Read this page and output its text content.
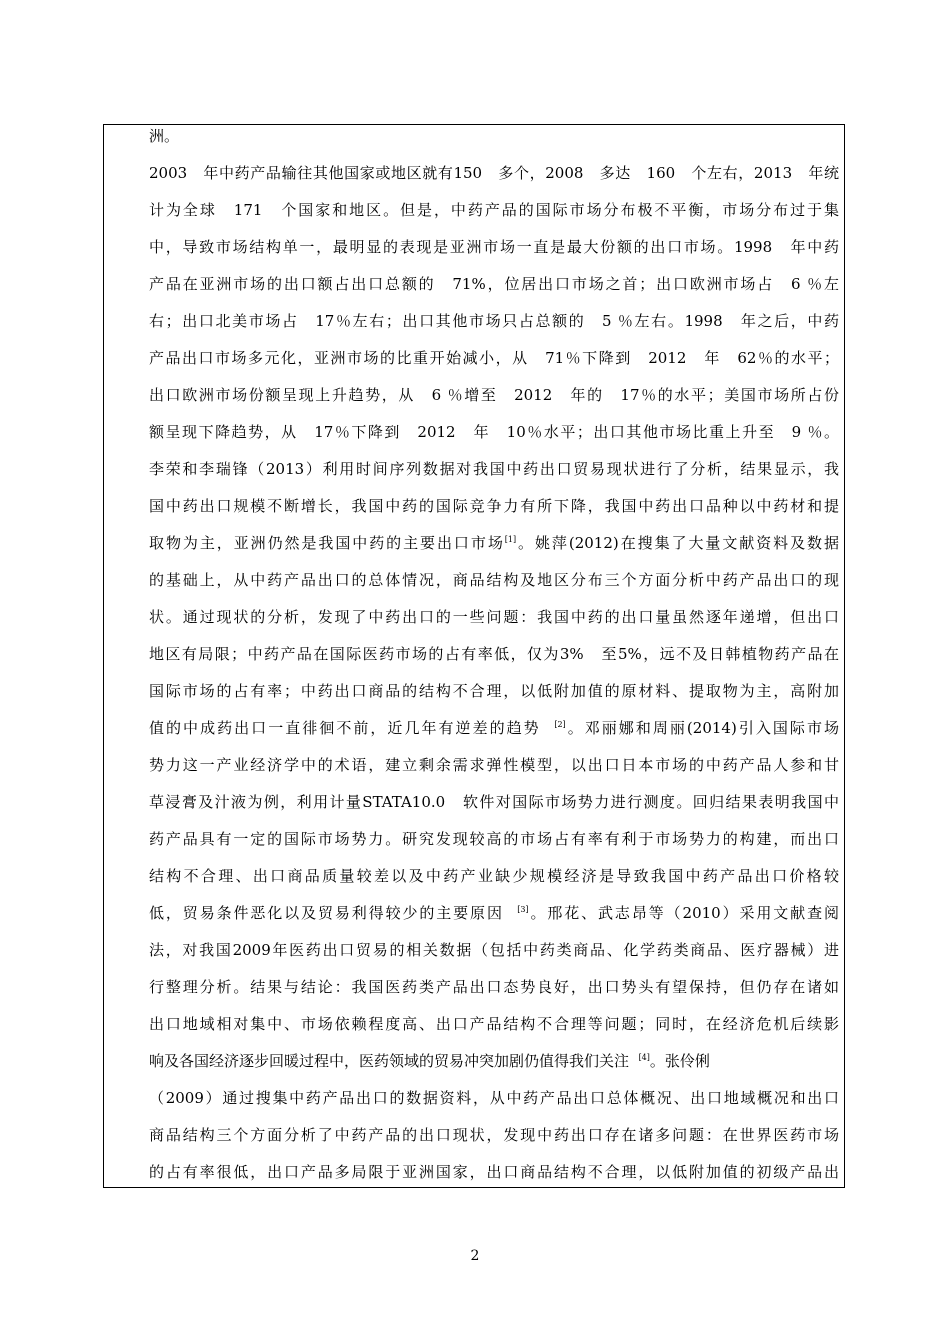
洲。
2003　年中药产品输往其他国家或地区就有150　多个，2008　多达　160　个左右，2013　年统
计为全球　171　个国家和地区。但是，中药产品的国际市场分布极不平衡，市场分布过于集
中，导致市场结构单一，最明显的表现是亚洲市场一直是最大份额的出口市场。1998　年中药
产品在亚洲市场的出口额占出口总额的　71%，位居出口市场之首；出口欧洲市场占　6 ％左
右；出口北美市场占　17％左右；出口其他市场只占总额的　5 ％左右。1998　年之后，中药
产品出口市场多元化，亚洲市场的比重开始减小，从　71％下降到　2012　年　62％的水平；
出口欧洲市场份额呈现上升趋势，从　6 ％增至　2012　年的　17％的水平；美国市场所占份
额呈现下降趋势，从　17％下降到　2012　年　10％水平；出口其他市场比重上升至　9 ％。
李荣和李瑞锋（2013）利用时间序列数据对我国中药出口贸易现状进行了分析，结果显示，我
国中药出口规模不断增长，我国中药的国际竞争力有所下降，我国中药出口品种以中药材和提
取物为主，亚洲仍然是我国中药的主要出口市场[1]。姚萍(2012)在搜集了大量文献资料及数据
的基础上，从中药产品出口的总体情况，商品结构及地区分布三个方面分析中药产品出口的现
状。通过现状的分析，发现了中药出口的一些问题：我国中药的出口量虽然逐年递增，但出口
地区有局限；中药产品在国际医药市场的占有率低，仅为3%　至5%，远不及日韩植物药产品在
国际市场的占有率；中药出口商品的结构不合理，以低附加值的原材料、提取物为主，高附加
值的中成药出口一直徘徊不前，近几年有逆差的趋势 [2]。邓丽娜和周丽(2014)引入国际市场
势力这一产业经济学中的术语，建立剩余需求弹性模型，以出口日本市场的中药产品人参和甘
草浸膏及汁液为例，利用计量STATA10.0　软件对国际市场势力进行测度。回归结果表明我国中
药产品具有一定的国际市场势力。研究发现较高的市场占有率有利于市场势力的构建，而出口
结构不合理、出口商品质量较差以及中药产业缺少规模经济是导致我国中药产品出口价格较
低，贸易条件恶化以及贸易利得较少的主要原因 [3]。邢花、武志昂等（2010）采用文献查阅
法，对我国2009年医药出口贸易的相关数据（包括中药类商品、化学药类商品、医疗器械）进
行整理分析。结果与结论：我国医药类产品出口态势良好，出口势头有望保持，但仍存在诸如
出口地域相对集中、市场依赖程度高、出口产品结构不合理等问题；同时，在经济危机后续影
响及各国经济逐步回暖过程中，医药领域的贸易冲突加剧仍值得我们关注 [4]。张伶俐
（2009）通过搜集中药产品出口的数据资料，从中药产品出口总体概况、出口地域概况和出口
商品结构三个方面分析了中药产品的出口现状，发现中药出口存在诸多问题：在世界医药市场
的占有率很低，出口产品多局限于亚洲国家，出口商品结构不合理，以低附加值的初级产品出
2
